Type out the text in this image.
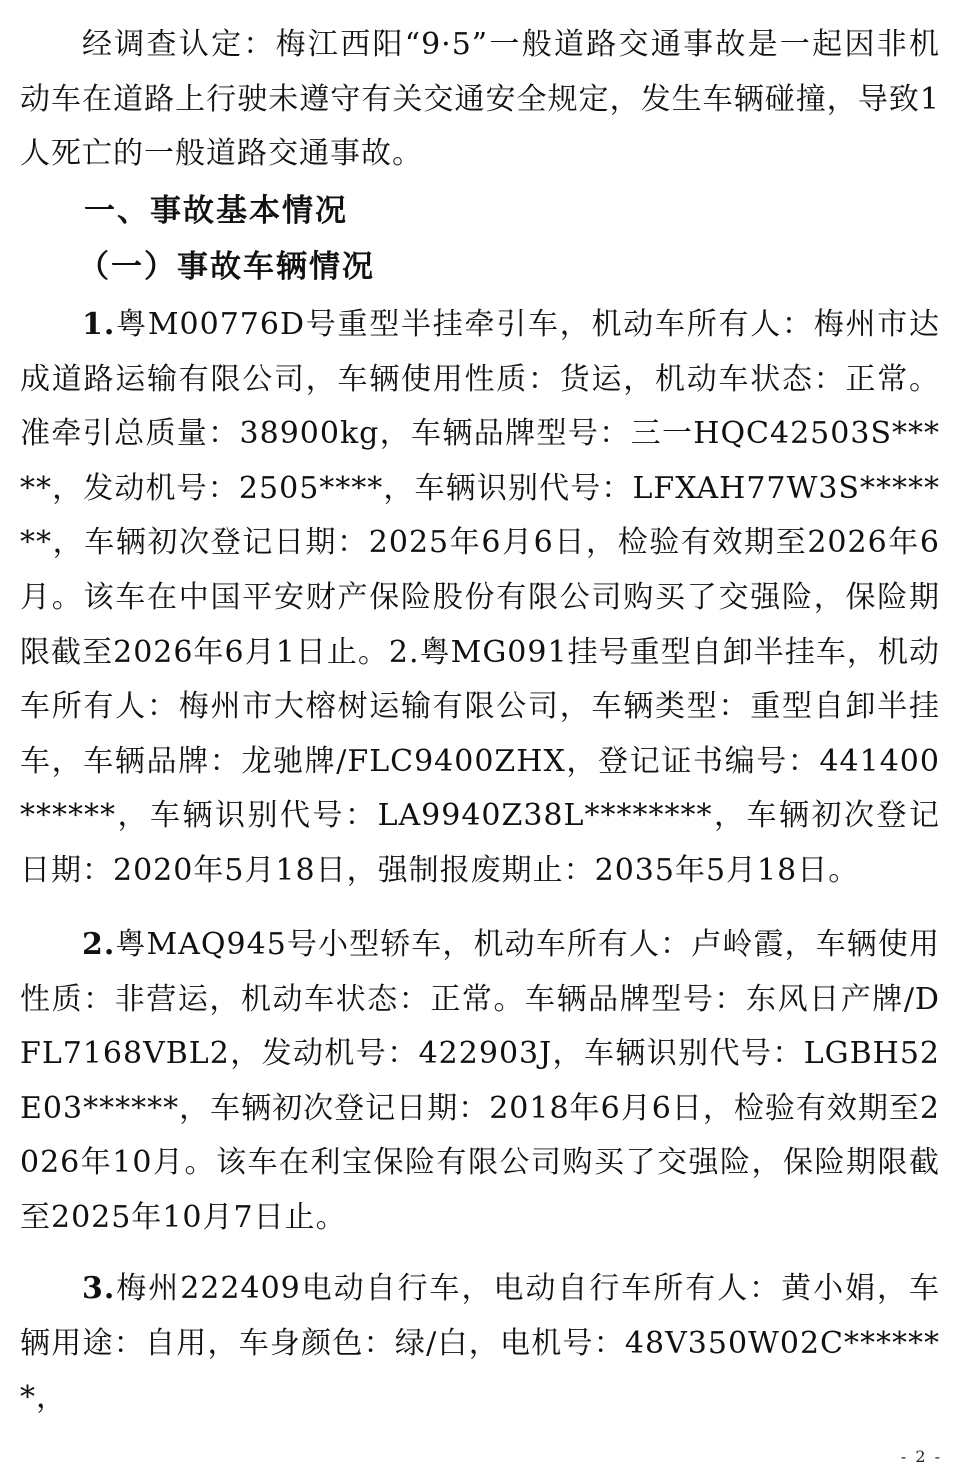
经调查认定：梅江西阳“9·5”一般道路交通事故是一起因非机动车在道路上行驶未遵守有关交通安全规定，发生车辆碰撞，导致1人死亡的一般道路交通事故。

一、事故基本情况

（一）事故车辆情况

1.粤M00776D号重型半挂牵引车，机动车所有人：梅州市达成道路运输有限公司，车辆使用性质：货运，机动车状态：正常。准牵引总质量：38900kg，车辆品牌型号：三一HQC42503S*****，发动机号：2505****，车辆识别代号：LFXAH77W3S*******，车辆初次登记日期：2025年6月6日，检验有效期至2026年6月。该车在中国平安财产保险股份有限公司购买了交强险，保险期限截至2026年6月1日止。2.粤MG091挂号重型自卸半挂车，机动车所有人：梅州市大榕树运输有限公司，车辆类型：重型自卸半挂车，车辆品牌：龙驰牌/FLC9400ZHX，登记证书编号：441400******，车辆识别代号：LA9940Z38L********，车辆初次登记日期：2020年5月18日，强制报废期止：2035年5月18日。

2.粤MAQ945号小型轿车，机动车所有人：卢岭霞，车辆使用性质：非营运，机动车状态：正常。车辆品牌型号：东风日产牌/DFL7168VBL2，发动机号：422903J，车辆识别代号：LGBH52E03******，车辆初次登记日期：2018年6月6日，检验有效期至2026年10月。该车在利宝保险有限公司购买了交强险，保险期限截至2025年10月7日止。

3.梅州222409电动自行车，电动自行车所有人：黄小娟，车辆用途：自用，车身颜色：绿/白，电机号：48V350W02C*******，

- 2 -
